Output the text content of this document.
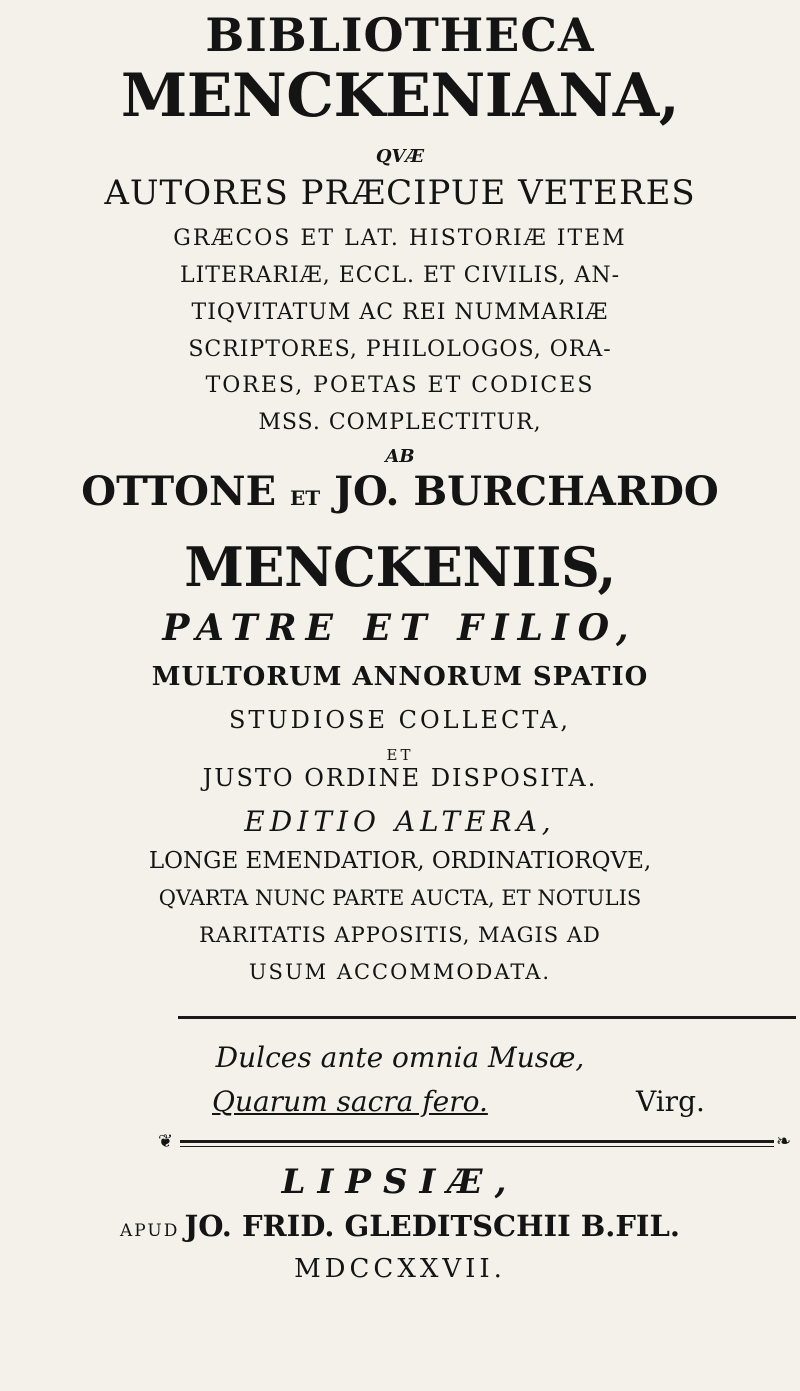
BIBLIOTHECA
MENCKENIANA,
QVÆ
AUTORES PRÆCIPUE VETERES
GRÆCOS ET LAT. HISTORIÆ ITEM
LITERARIÆ, ECCL. ET CIVILIS, AN-
TIQVITATUM AC REI NUMMARIÆ
SCRIPTORES, PHILOLOGOS, ORA-
TORES, POETAS ET CODICES
MSS. COMPLECTITUR,
AB
OTTONE ET JO. BURCHARDO
MENCKENIIS,
PATRE ET FILIO,
MULTORUM ANNORUM SPATIO
STUDIOSE COLLECTA,
ET
JUSTO ORDINE DISPOSITA.
EDITIO ALTERA,
LONGE EMENDATIOR, ORDINATIORQVE,
QVARTA NUNC PARTE AUCTA, ET NOTULIS
RARITATIS APPOSITIS, MAGIS AD
USUM ACCOMMODATA.
Dulces ante omnia Musæ,
Quarum sacra fero.	Virg.
❦	❧
LIPSIÆ,
APUD JO. FRID. GLEDITSCHII B.FIL.
MDCCXXVII.
